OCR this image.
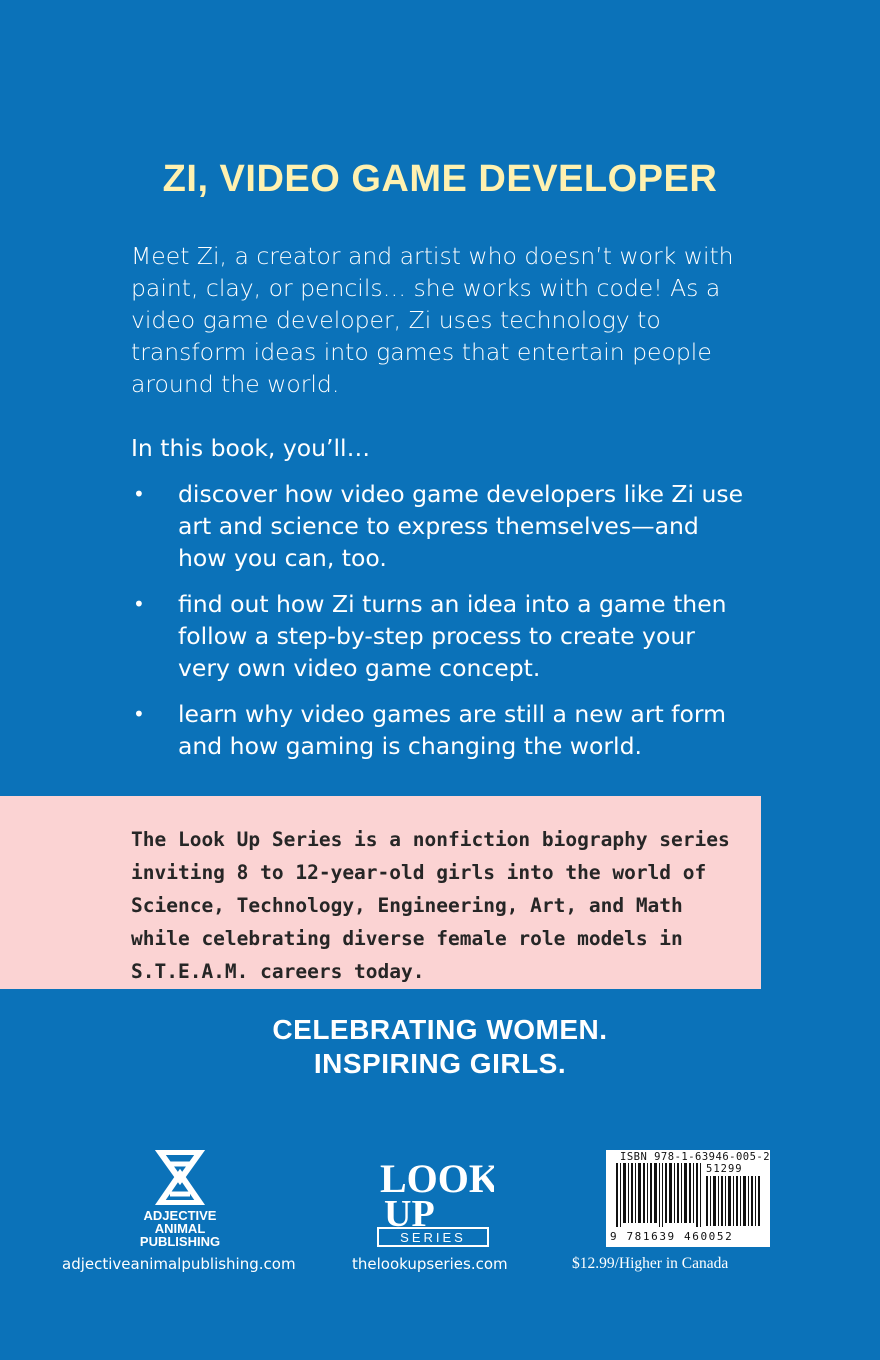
ZI, VIDEO GAME DEVELOPER

Meet Zi, a creator and artist who doesn’t work with paint, clay, or pencils… she works with code! As a video game developer, Zi uses technology to transform ideas into games that entertain people around the world.

In this book, you’ll…

• discover how video game developers like Zi use art and science to express themselves—and how you can, too.
• find out how Zi turns an idea into a game then follow a step-by-step process to create your very own video game concept.
• learn why video games are still a new art form and how gaming is changing the world.

The Look Up Series is a nonfiction biography series inviting 8 to 12-year-old girls into the world of Science, Technology, Engineering, Art, and Math while celebrating diverse female role models in S.T.E.A.M. careers today.

CELEBRATING WOMEN.
INSPIRING GIRLS.
ADJECTIVE ANIMAL PUBLISHING
adjectiveanimalpublishing.com
LOOK
UP
SERIES
thelookupseries.com
ISBN 978-1-63946-005-2
51299
9 781639 460052
$12.99/Higher in Canada
